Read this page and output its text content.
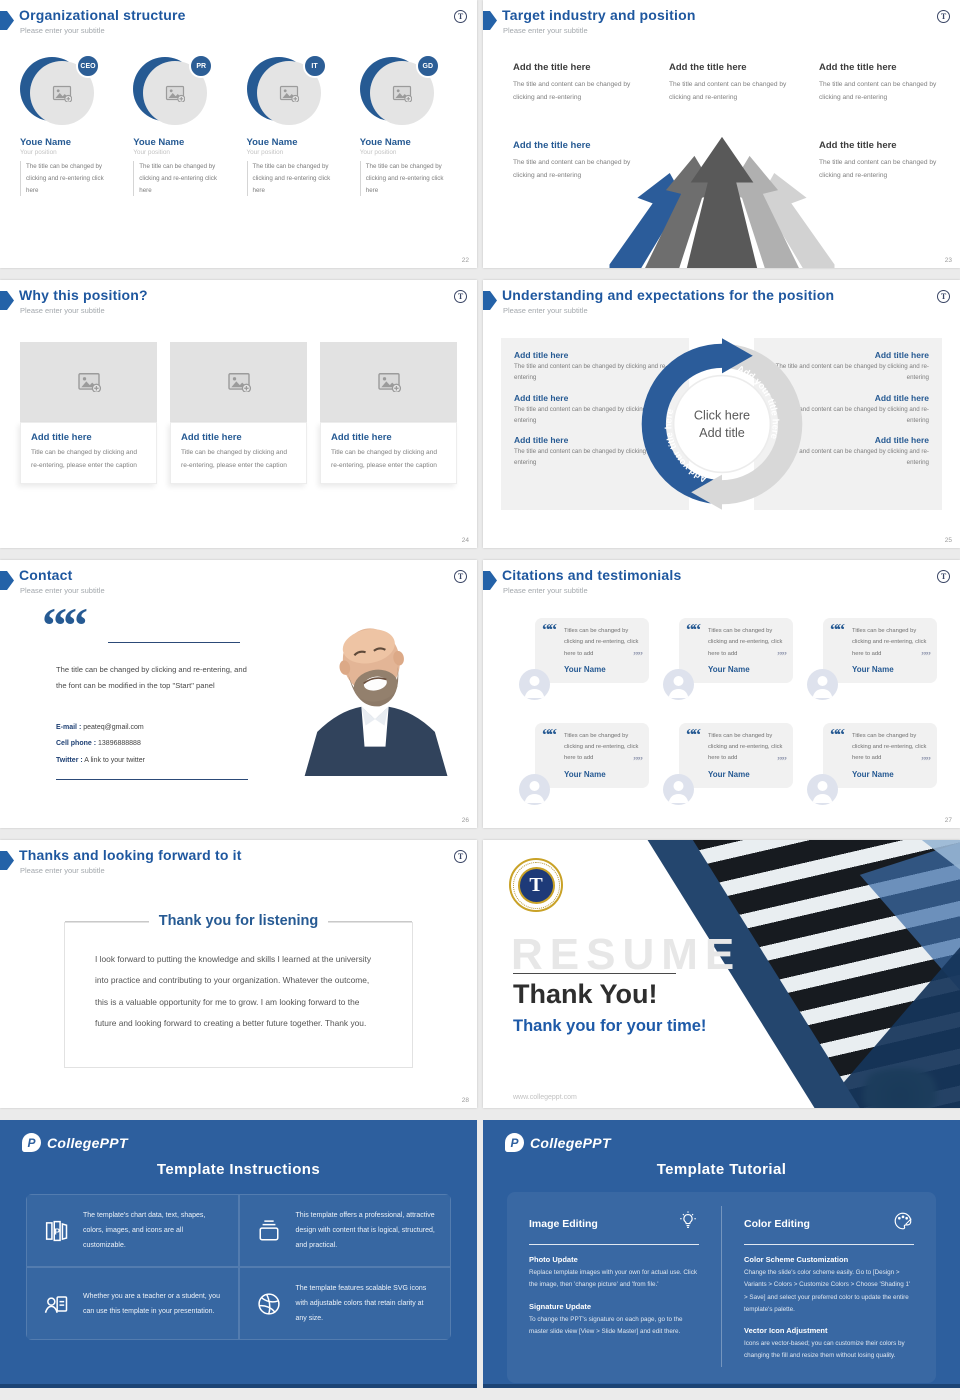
Organizational structure
Please enter your subtitle
T
CEO
Youe Name
Your position
The title can be changed by clicking and re-entering click here
PR
Youe Name
Your position
The title can be changed by clicking and re-entering click here
IT
Youe Name
Your position
The title can be changed by clicking and re-entering click here
GD
Youe Name
Your position
The title can be changed by clicking and re-entering click here
22
Target industry and position
Please enter your subtitle
T
Add the title here
The title and content can be changed by clicking and re-entering
Add the title here
The title and content can be changed by clicking and re-entering
Add the title here
The title and content can be changed by clicking and re-entering
Add the title here
The title and content can be changed by clicking and re-entering
Add the title here
The title and content can be changed by clicking and re-entering
23
Why this position?
Please enter your subtitle
T
Add title here
Title can be changed by clicking and re-entering, please enter the caption
Add title here
Title can be changed by clicking and re-entering, please enter the caption
Add title here
Title can be changed by clicking and re-entering, please enter the caption
24
Understanding and expectations for the position
Please enter your subtitle
T
Add title here
The title and content can be changed by clicking and re-entering
Add title here
The title and content can be changed by clicking and re-entering
Add title here
The title and content can be changed by clicking and re-entering
Add title here
The title and content can be changed by clicking and re-entering
Add title here
The title and content can be changed by clicking and re-entering
Add title here
The title and content can be changed by clicking and re-entering
Add your title here
Add your title here
Click here
Add title
25
Contact
Please enter your subtitle
T
““
The title can be changed by clicking and re-entering, and the font can be modified in the top "Start" panel
E-mail : peateq@gmail.com
Cell phone : 13896888888
Twitter : A link to your twitter
26
Citations and testimonials
Please enter your subtitle
T
““ Titles can be changed by clicking and re-entering, click here to add	””
Your Name
““ Titles can be changed by clicking and re-entering, click here to add	””
Your Name
““ Titles can be changed by clicking and re-entering, click here to add	””
Your Name
““ Titles can be changed by clicking and re-entering, click here to add	””
Your Name
““ Titles can be changed by clicking and re-entering, click here to add	””
Your Name
““ Titles can be changed by clicking and re-entering, click here to add	””
Your Name
27
Thanks and looking forward to it
Please enter your subtitle
T
Thank you for listening
I look forward to putting the knowledge and skills I learned at the university into practice and contributing to your organization. Whatever the outcome, this is a valuable opportunity for me to grow. I am looking forward to the future and looking forward to creating a better future together. Thank you.
28
T
RESUME
Thank You!
Thank you for your time!
www.collegeppt.com
P CollegePPT
Template Instructions
P
The template's chart data, text, shapes, colors, images, and icons are all customizable.
This template offers a professional, attractive design with content that is logical, structured, and practical.
Whether you are a teacher or a student, you can use this template in your presentation.
The template features scalable SVG icons with adjustable colors that retain clarity at any size.
P CollegePPT
Template Tutorial
Image Editing
Photo Update
Replace template images with your own for actual use. Click the image, then 'change picture' and 'from file.'
Signature Update
To change the PPT's signature on each page, go to the master slide view [View > Slide Master] and edit there.
Color Editing
Color Scheme Customization
Change the slide's color scheme easily. Go to [Design > Variants > Colors > Customize Colors > Choose 'Shading 1' > Save] and select your preferred color to update the entire template's palette.
Vector Icon Adjustment
Icons are vector-based; you can customize their colors by changing the fill and resize them without losing quality.
